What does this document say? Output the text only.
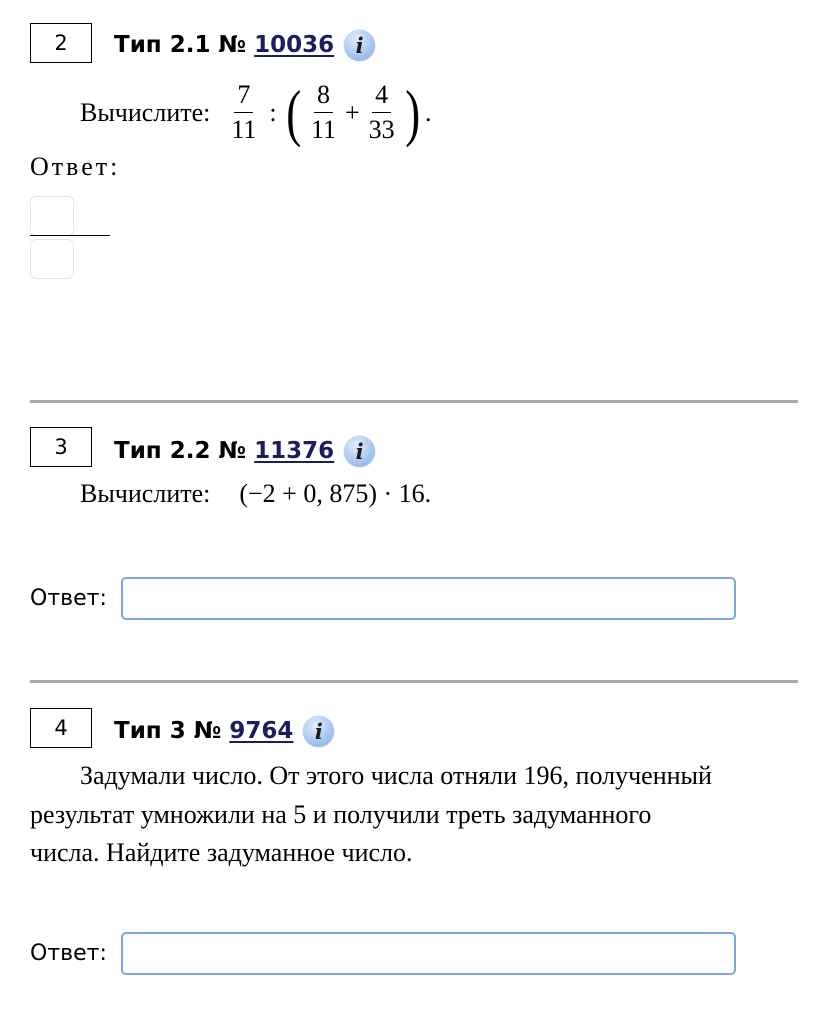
2	Тип 2.1 № 10036	i
Вычислите: $\frac{7}{11}$ : ( $\frac{8}{11} + \frac{4}{33}$ ) .
Ответ:
3	Тип 2.2 № 11376	i
Вычислите: (−2 + 0, 875) · 16.
Ответ:
4	Тип 3 № 9764	i
Задумали число. От этого числа отняли 196, полученный
результат умножили на 5 и получили треть задуманного
числа. Найдите задуманное число.
Ответ:
